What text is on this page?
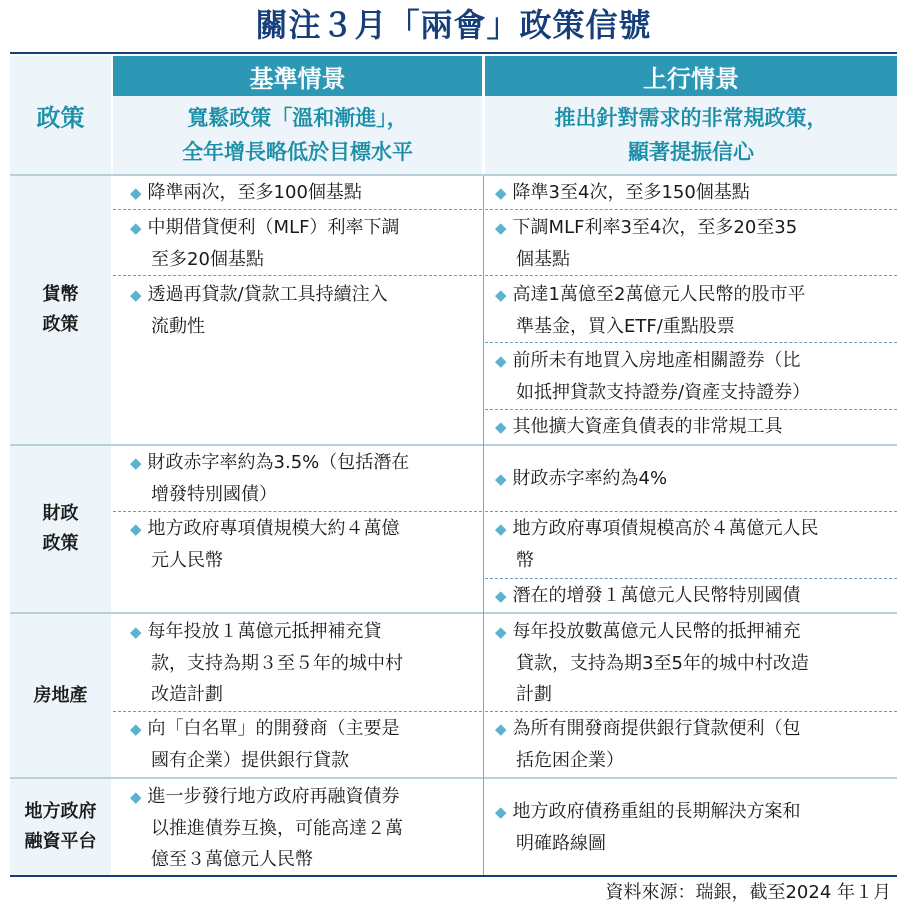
關注３月「兩會」政策信號
政策
基準情景	上行情景
寬鬆政策「溫和漸進」，
全年增長略低於目標水平
推出針對需求的非常規政策，
顯著提振信心
貨幣
政策
財政
政策
房地產
地方政府
融資平台
◆ 降準兩次，至多100個基點
◆ 中期借貸便利（MLF）利率下調
至多20個基點
◆ 透過再貸款/貸款工具持續注入
流動性
◆ 降準3至4次，至多150個基點
◆ 下調MLF利率3至4次，至多20至35
個基點
◆ 高達1萬億至2萬億元人民幣的股市平
準基金，買入ETF/重點股票
◆ 前所未有地買入房地產相關證券（比
如抵押貸款支持證券/資產支持證券）
◆ 其他擴大資產負債表的非常規工具
◆ 財政赤字率約為3.5%（包括潛在
增發特別國債）
◆ 地方政府專項債規模大約４萬億
元人民幣
◆ 財政赤字率約為4%
◆ 地方政府專項債規模高於４萬億元人民
幣
◆ 潛在的增發１萬億元人民幣特別國債
◆ 每年投放１萬億元抵押補充貸
款，支持為期３至５年的城中村
改造計劃
◆ 向「白名單」的開發商（主要是
國有企業）提供銀行貸款
◆ 每年投放數萬億元人民幣的抵押補充
貸款，支持為期3至5年的城中村改造
計劃
◆ 為所有開發商提供銀行貸款便利（包
括危困企業）
◆ 進一步發行地方政府再融資債券
以推進債券互換，可能高達２萬
億至３萬億元人民幣
◆ 地方政府債務重組的長期解決方案和
明確路線圖
資料來源：瑞銀，截至2024 年１月
